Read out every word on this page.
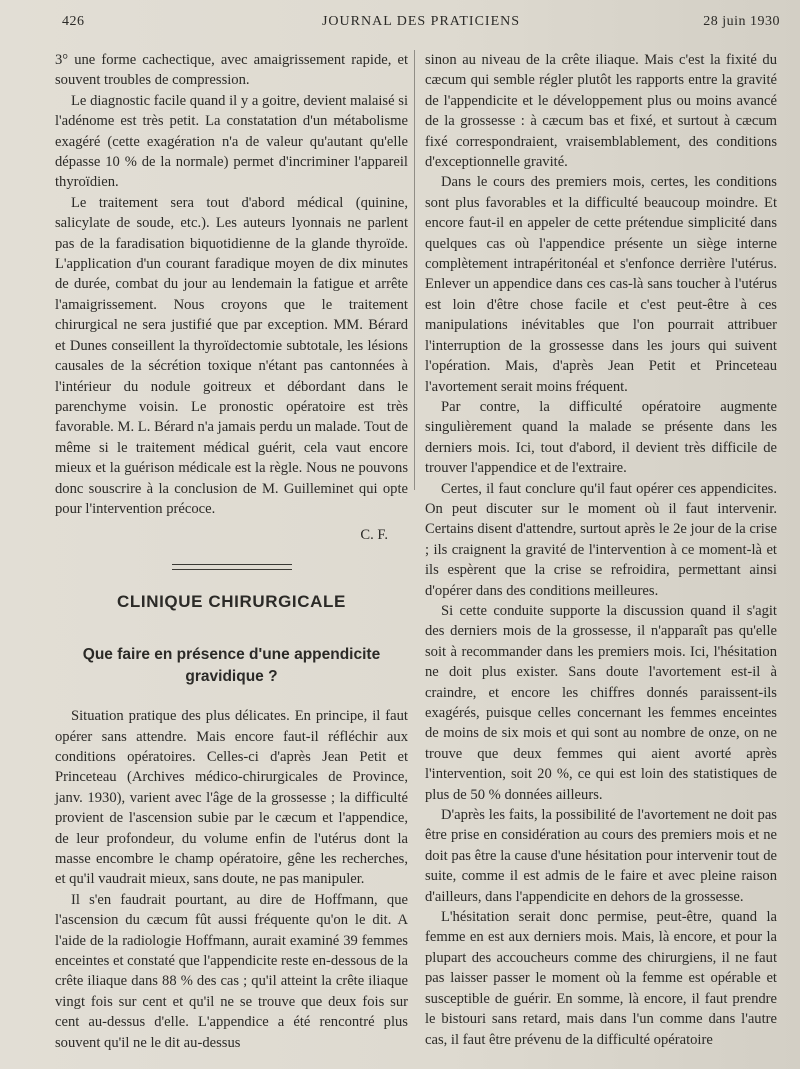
426	JOURNAL DES PRATICIENS	28 juin 1930

3° une forme cachectique, avec amaigrissement rapide, et souvent troubles de compression.

Le diagnostic facile quand il y a goitre, devient malaisé si l'adénome est très petit. La constatation d'un métabolisme exagéré (cette exagération n'a de valeur qu'autant qu'elle dépasse 10 % de la normale) permet d'incriminer l'appareil thyroïdien.

Le traitement sera tout d'abord médical (quinine, salicylate de soude, etc.). Les auteurs lyonnais ne parlent pas de la faradisation biquotidienne de la glande thyroïde. L'application d'un courant faradique moyen de dix minutes de durée, combat du jour au lendemain la fatigue et arrête l'amaigrissement. Nous croyons que le traitement chirurgical ne sera justifié que par exception. MM. Bérard et Dunes conseillent la thyroïdectomie subtotale, les lésions causales de la sécrétion toxique n'étant pas cantonnées à l'intérieur du nodule goitreux et débordant dans le parenchyme voisin. Le pronostic opératoire est très favorable. M. L. Bérard n'a jamais perdu un malade. Tout de même si le traitement médical guérit, cela vaut encore mieux et la guérison médicale est la règle. Nous ne pouvons donc souscrire à la conclusion de M. Guilleminet qui opte pour l'intervention précoce.

C. F.
CLINIQUE CHIRURGICALE
Que faire en présence d'une appendicite gravidique ?

Situation pratique des plus délicates. En principe, il faut opérer sans attendre. Mais encore faut-il réfléchir aux conditions opératoires. Celles-ci d'après Jean Petit et Princeteau (Archives médico-chirurgicales de Province, janv. 1930), varient avec l'âge de la grossesse ; la difficulté provient de l'ascension subie par le cæcum et l'appendice, de leur profondeur, du volume enfin de l'utérus dont la masse encombre le champ opératoire, gêne les recherches, et qu'il vaudrait mieux, sans doute, ne pas manipuler.

Il s'en faudrait pourtant, au dire de Hoffmann, que l'ascension du cæcum fût aussi fréquente qu'on le dit. A l'aide de la radiologie Hoffmann, aurait examiné 39 femmes enceintes et constaté que l'appendicite reste en-dessous de la crête iliaque dans 88 % des cas ; qu'il atteint la crête iliaque vingt fois sur cent et qu'il ne se trouve que deux fois sur cent au-dessus d'elle. L'appendice a été rencontré plus souvent qu'il ne le dit au-dessus

sinon au niveau de la crête iliaque. Mais c'est la fixité du cæcum qui semble régler plutôt les rapports entre la gravité de l'appendicite et le développement plus ou moins avancé de la grossesse : à cæcum bas et fixé, et surtout à cæcum fixé correspondraient, vraisemblablement, des conditions d'exceptionnelle gravité.

Dans le cours des premiers mois, certes, les conditions sont plus favorables et la difficulté beaucoup moindre. Et encore faut-il en appeler de cette prétendue simplicité dans quelques cas où l'appendice présente un siège interne complètement intrapéritonéal et s'enfonce derrière l'utérus. Enlever un appendice dans ces cas-là sans toucher à l'utérus est loin d'être chose facile et c'est peut-être à ces manipulations inévitables que l'on pourrait attribuer l'interruption de la grossesse dans les jours qui suivent l'opération. Mais, d'après Jean Petit et Princeteau l'avortement serait moins fréquent.

Par contre, la difficulté opératoire augmente singulièrement quand la malade se présente dans les derniers mois. Ici, tout d'abord, il devient très difficile de trouver l'appendice et de l'extraire.

Certes, il faut conclure qu'il faut opérer ces appendicites. On peut discuter sur le moment où il faut intervenir. Certains disent d'attendre, surtout après le 2e jour de la crise ; ils craignent la gravité de l'intervention à ce moment-là et ils espèrent que la crise se refroidira, permettant ainsi d'opérer dans des conditions meilleures.

Si cette conduite supporte la discussion quand il s'agit des derniers mois de la grossesse, il n'apparaît pas qu'elle soit à recommander dans les premiers mois. Ici, l'hésitation ne doit plus exister. Sans doute l'avortement est-il à craindre, et encore les chiffres donnés paraissent-ils exagérés, puisque celles concernant les femmes enceintes de moins de six mois et qui sont au nombre de onze, on ne trouve que deux femmes qui aient avorté après l'intervention, soit 20 %, ce qui est loin des statistiques de plus de 50 % données ailleurs.

D'après les faits, la possibilité de l'avortement ne doit pas être prise en considération au cours des premiers mois et ne doit pas être la cause d'une hésitation pour intervenir tout de suite, comme il est admis de le faire et avec pleine raison d'ailleurs, dans l'appendicite en dehors de la grossesse.

L'hésitation serait donc permise, peut-être, quand la femme en est aux derniers mois. Mais, là encore, et pour la plupart des accoucheurs comme des chirurgiens, il ne faut pas laisser passer le moment où la femme est opérable et susceptible de guérir. En somme, là encore, il faut prendre le bistouri sans retard, mais dans l'un comme dans l'autre cas, il faut être prévenu de la difficulté opératoire
